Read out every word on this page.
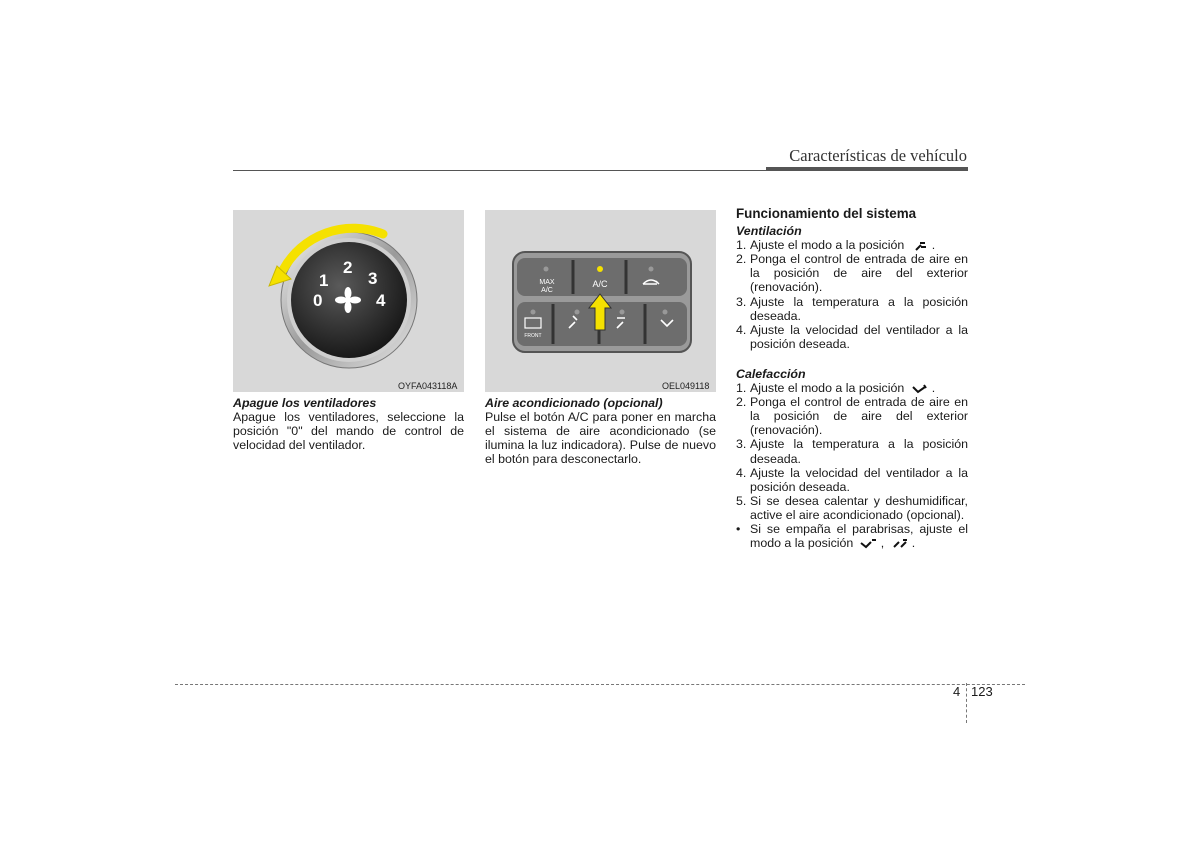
Características de vehículo
0
1
2
3
4
OYFA043118A
MAX
A/C
A/C
FRONT
OEL049118
Apague los ventiladores
Apague los ventiladores, seleccione la posición "0" del mando de control de velocidad del ventilador.
Aire acondicionado (opcional)
Pulse el botón A/C para poner en marcha el sistema de aire acondicionado (se ilumina la luz indicadora). Pulse de nuevo el botón para desconectarlo.
Funcionamiento del sistema
Ventilación
1. Ajuste el modo a la posición .
2. Ponga el control de entrada de aire en la posición de aire del exterior (renovación).
3. Ajuste la temperatura a la posición deseada.
4. Ajuste la velocidad del ventilador a la posición deseada.
Calefacción
1. Ajuste el modo a la posición .
2. Ponga el control de entrada de aire en la posición de aire del exterior (renovación).
3. Ajuste la temperatura a la posición deseada.
4. Ajuste la velocidad del ventilador a la posición deseada.
5. Si se desea calentar y deshumidificar, active el aire acondicionado (opcional).
• Si se empaña el parabrisas, ajuste el modo a la posición , .
4 123
